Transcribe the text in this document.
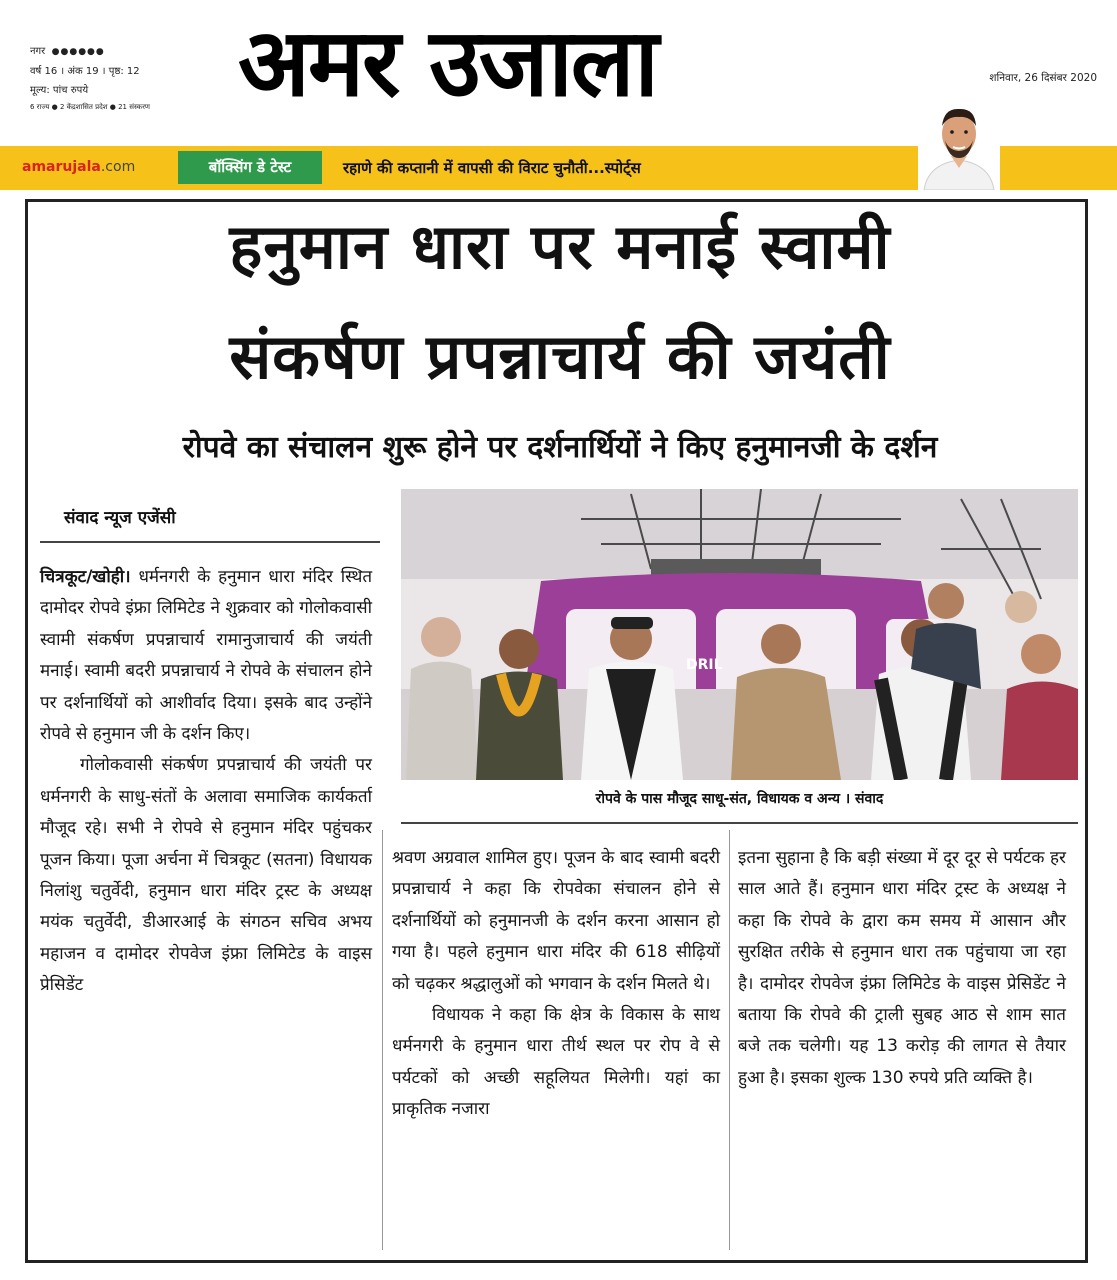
नगर ●●●●●●
वर्ष 16 । अंक 19 । पृष्ठ: 12
मूल्य: पांच रुपये
6 राज्य ● 2 केंद्रशासित प्रदेश ● 21 संस्करण अमर उजाला	शनिवार, 26 दिसंबर 2020
amarujala.com	बॉक्सिंग डे टेस्ट	रहाणे की कप्तानी में वापसी की विराट चुनौती...स्पोर्ट्स
हनुमान धारा पर मनाई स्वामी
संकर्षण प्रपन्नाचार्य की जयंती
रोपवे का संचालन शुरू होने पर दर्शनार्थियों ने किए हनुमानजी के दर्शन
संवाद न्यूज एजेंसी
DRIL
रोपवे के पास मौजूद साधू-संत, विधायक व अन्य । संवाद

चित्रकूट/खोही। धर्मनगरी के हनुमान धारा मंदिर स्थित दामोदर रोपवे इंफ्रा लिमिटेड ने शुक्रवार को गोलोकवासी स्वामी संकर्षण प्रपन्नाचार्य रामानुजाचार्य की जयंती मनाई। स्वामी बदरी प्रपन्नाचार्य ने रोपवे के संचालन होने पर दर्शनार्थियों को आशीर्वाद दिया। इसके बाद उन्होंने रोपवे से हनुमान जी के दर्शन किए।

गोलोकवासी संकर्षण प्रपन्नाचार्य की जयंती पर धर्मनगरी के साधु-संतों के अलावा समाजिक कार्यकर्ता मौजूद रहे। सभी ने रोपवे से हनुमान मंदिर पहुंचकर पूजन किया। पूजा अर्चना में चित्रकूट (सतना) विधायक निलांशु चतुर्वेदी, हनुमान धारा मंदिर ट्रस्ट के अध्यक्ष मयंक चतुर्वेदी, डीआरआई के संगठन सचिव अभय महाजन व दामोदर रोपवेज इंफ्रा लिमिटेड के वाइस प्रेसिडेंट

श्रवण अग्रवाल शामिल हुए। पूजन के बाद स्वामी बदरी प्रपन्नाचार्य ने कहा कि रोपवेका संचालन होने से दर्शनार्थियों को हनुमानजी के दर्शन करना आसान हो गया है। पहले हनुमान धारा मंदिर की 618 सीढ़ियों को चढ़कर श्रद्धालुओं को भगवान के दर्शन मिलते थे।

विधायक ने कहा कि क्षेत्र के विकास के साथ धर्मनगरी के हनुमान धारा तीर्थ स्थल पर रोप वे से पर्यटकों को अच्छी सहूलियत मिलेगी। यहां का प्राकृतिक नजारा

इतना सुहाना है कि बड़ी संख्या में दूर दूर से पर्यटक हर साल आते हैं। हनुमान धारा मंदिर ट्रस्ट के अध्यक्ष ने कहा कि रोपवे के द्वारा कम समय में आसान और सुरक्षित तरीके से हनुमान धारा तक पहुंचाया जा रहा है। दामोदर रोपवेज इंफ्रा लिमिटेड के वाइस प्रेसिडेंट ने बताया कि रोपवे की ट्राली सुबह आठ से शाम सात बजे तक चलेगी। यह 13 करोड़ की लागत से तैयार हुआ है। इसका शुल्क 130 रुपये प्रति व्यक्ति है।
